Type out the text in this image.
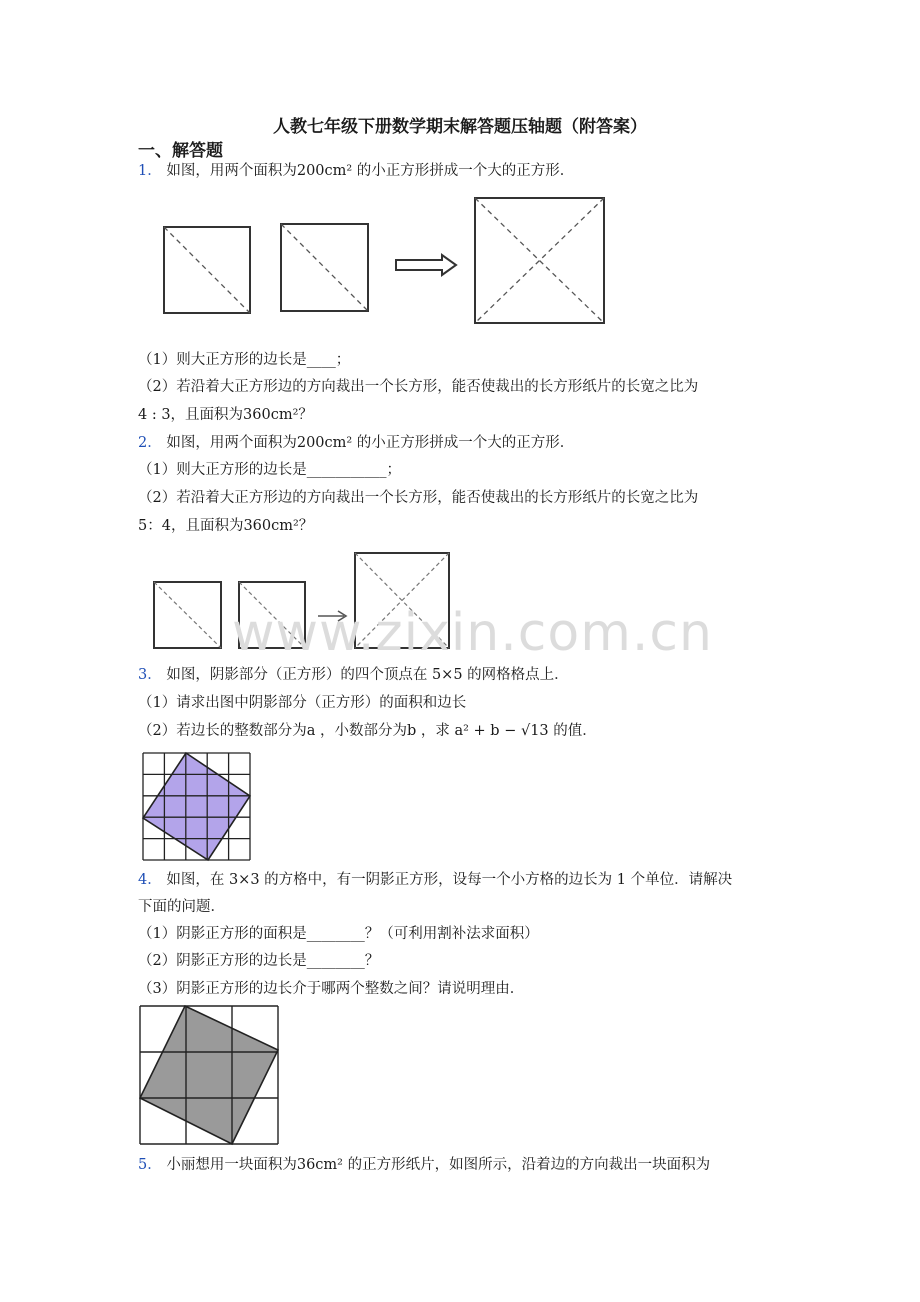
人教七年级下册数学期末解答题压轴题（附答案）
一、解答题
1． 如图，用两个面积为200cm² 的小正方形拼成一个大的正方形．
（1）则大正方形的边长是____；
（2）若沿着大正方形边的方向裁出一个长方形，能否使裁出的长方形纸片的长宽之比为
4 : 3，且面积为360cm²？
2． 如图，用两个面积为200cm² 的小正方形拼成一个大的正方形．
（1）则大正方形的边长是___________；
（2）若沿着大正方形边的方向裁出一个长方形，能否使裁出的长方形纸片的长宽之比为
5：4，且面积为360cm²？
www.zixin.com.cn
3． 如图，阴影部分（正方形）的四个顶点在 5×5 的网格格点上．
（1）请求出图中阴影部分（正方形）的面积和边长
（2）若边长的整数部分为a ，小数部分为b ，求 a² + b − √13 的值．
4． 如图，在 3×3 的方格中，有一阴影正方形，设每一个小方格的边长为 1 个单位．请解决
下面的问题．
（1）阴影正方形的面积是________？（可利用割补法求面积）
（2）阴影正方形的边长是________？
（3）阴影正方形的边长介于哪两个整数之间？请说明理由．
5． 小丽想用一块面积为36cm² 的正方形纸片，如图所示，沿着边的方向裁出一块面积为
